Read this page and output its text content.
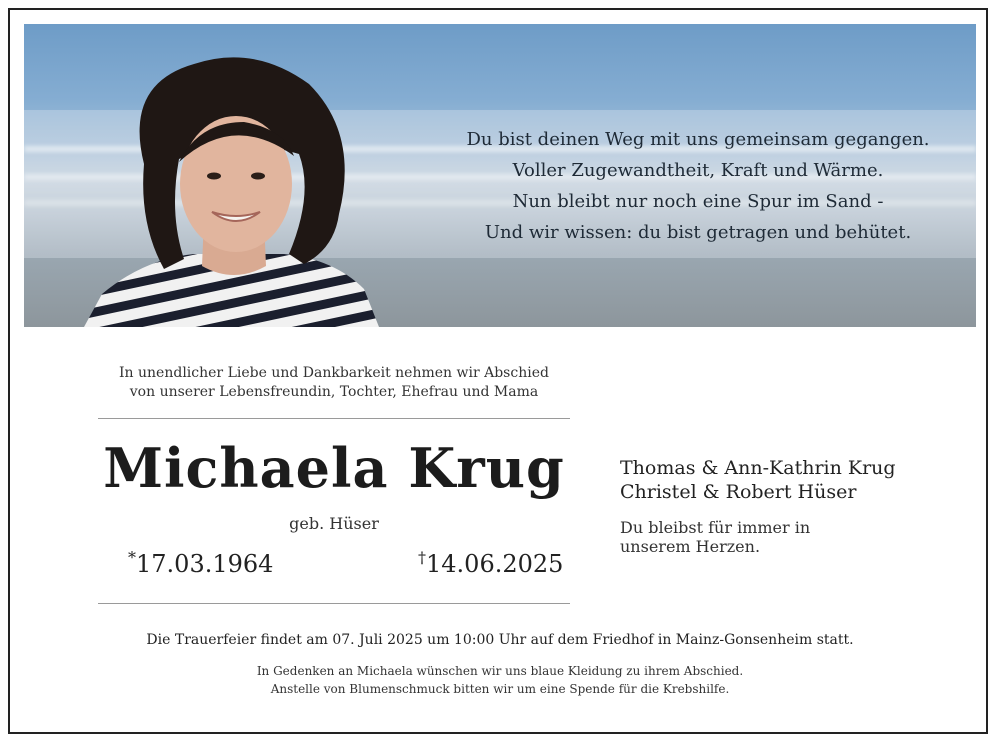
Du bist deinen Weg mit uns gemeinsam gegangen.
Voller Zugewandtheit, Kraft und Wärme.
Nun bleibt nur noch eine Spur im Sand -
Und wir wissen: du bist getragen und behütet.
In unendlicher Liebe und Dankbarkeit nehmen wir Abschied
von unserer Lebensfreundin, Tochter, Ehefrau und Mama
Michaela Krug
geb. Hüser
*17.03.1964	†14.06.2025
Thomas & Ann-Kathrin Krug
Christel & Robert Hüser
Du bleibst für immer in
unserem Herzen.
Die Trauerfeier findet am 07. Juli 2025 um 10:00 Uhr auf dem Friedhof in Mainz-Gonsenheim statt.
In Gedenken an Michaela wünschen wir uns blaue Kleidung zu ihrem Abschied.
Anstelle von Blumenschmuck bitten wir um eine Spende für die Krebshilfe.
